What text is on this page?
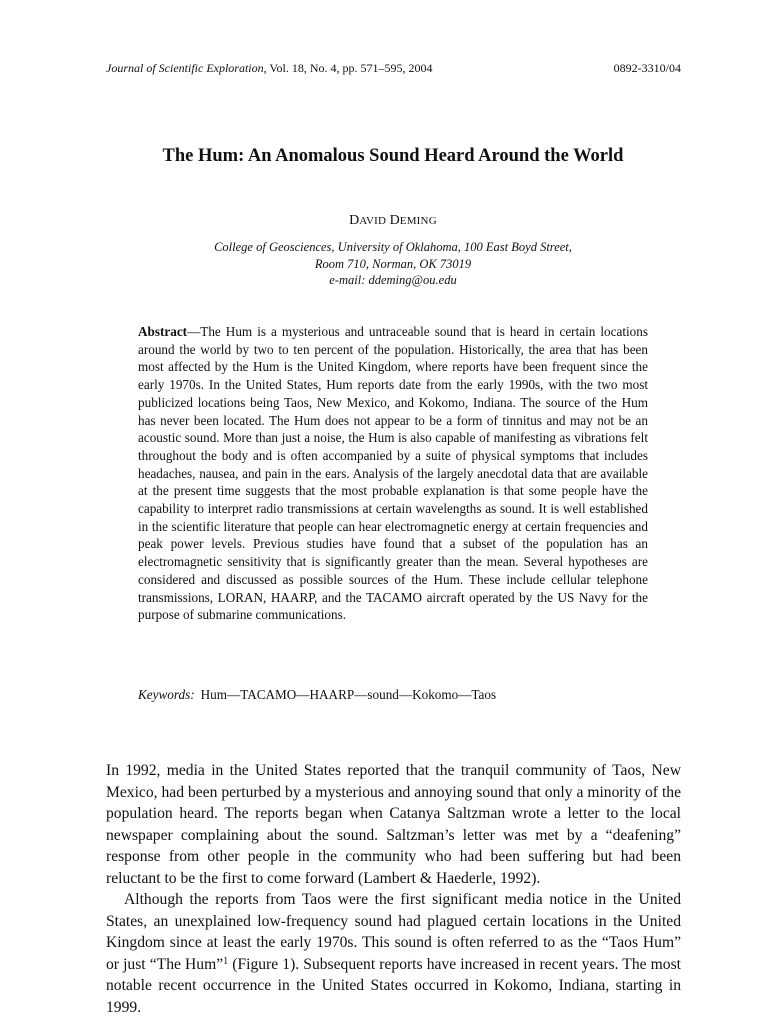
Journal of Scientific Exploration, Vol. 18, No. 4, pp. 571–595, 2004	0892-3310/04
The Hum: An Anomalous Sound Heard Around the World
DAVID DEMING
College of Geosciences, University of Oklahoma, 100 East Boyd Street,
Room 710, Norman, OK 73019
e-mail: ddeming@ou.edu
Abstract—The Hum is a mysterious and untraceable sound that is heard in certain locations around the world by two to ten percent of the population. Historically, the area that has been most affected by the Hum is the United Kingdom, where reports have been frequent since the early 1970s. In the United States, Hum reports date from the early 1990s, with the two most publicized locations being Taos, New Mexico, and Kokomo, Indiana. The source of the Hum has never been located. The Hum does not appear to be a form of tinnitus and may not be an acoustic sound. More than just a noise, the Hum is also capable of manifesting as vibrations felt throughout the body and is often accompanied by a suite of physical symptoms that includes headaches, nausea, and pain in the ears. Analysis of the largely anecdotal data that are available at the present time suggests that the most probable explanation is that some people have the capability to interpret radio transmissions at certain wavelengths as sound. It is well established in the scientific literature that people can hear electromagnetic energy at certain frequencies and peak power levels. Previous studies have found that a subset of the population has an electromagnetic sensitivity that is significantly greater than the mean. Several hypotheses are considered and discussed as possible sources of the Hum. These include cellular telephone transmissions, LORAN, HAARP, and the TACAMO aircraft operated by the US Navy for the purpose of submarine communications.
Keywords: Hum—TACAMO—HAARP—sound—Kokomo—Taos

In 1992, media in the United States reported that the tranquil community of Taos, New Mexico, had been perturbed by a mysterious and annoying sound that only a minority of the population heard. The reports began when Catanya Saltzman wrote a letter to the local newspaper complaining about the sound. Saltzman’s letter was met by a “deafening” response from other people in the community who had been suffering but had been reluctant to be the first to come forward (Lambert & Haederle, 1992).

Although the reports from Taos were the first significant media notice in the United States, an unexplained low-frequency sound had plagued certain locations in the United Kingdom since at least the early 1970s. This sound is often referred to as the “Taos Hum” or just “The Hum”$^1$ (Figure 1). Subsequent reports have increased in recent years. The most notable recent occurrence in the United States occurred in Kokomo, Indiana, starting in 1999.
